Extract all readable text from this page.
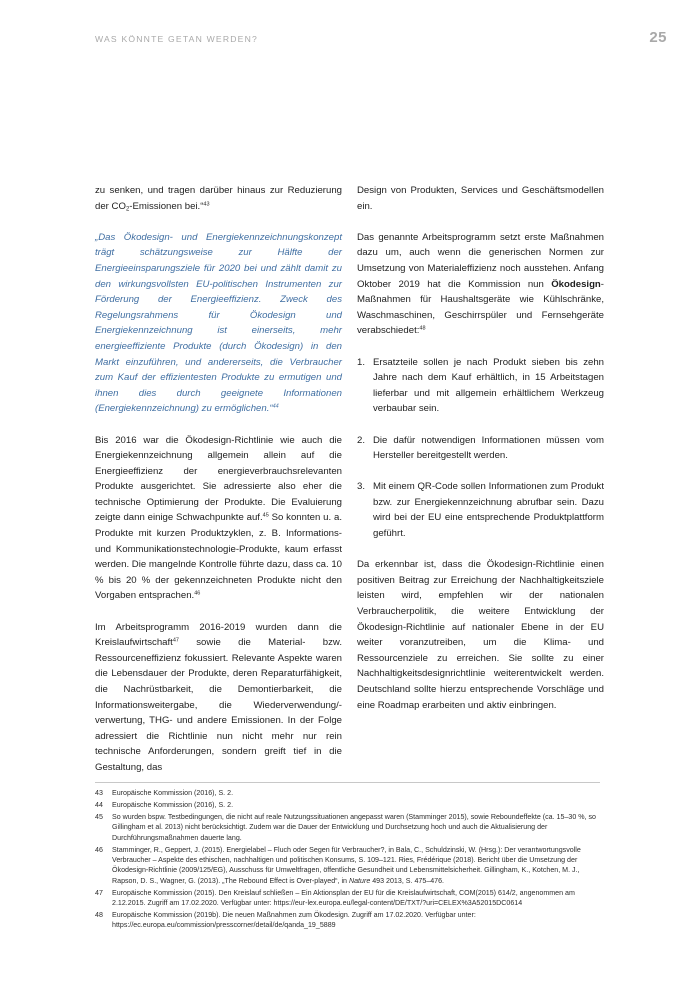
WAS KÖNNTE GETAN WERDEN?	25

zu senken, und tragen darüber hinaus zur Reduzierung der $CO_2$-Emissionen bei.“$^{43}$

„Das Ökodesign- und Energiekennzeichnungskonzept trägt schätzungsweise zur Hälfte der Energieeinsparungsziele für 2020 bei und zählt damit zu den wirkungsvollsten EU-politischen Instrumenten zur Förderung der Energieeffizienz. Zweck des Regelungsrahmens für Ökodesign und Energiekennzeichnung ist einerseits, mehr energieeffiziente Produkte (durch Ökodesign) in den Markt einzuführen, und andererseits, die Verbraucher zum Kauf der effizientesten Produkte zu ermutigen und ihnen dies durch geeignete Informationen (Energiekennzeichnung) zu ermöglichen.“$^{44}$

Bis 2016 war die Ökodesign-Richtlinie wie auch die Energiekennzeichnung allgemein allein auf die Energieeffizienz der energieverbrauchsrelevanten Produkte ausgerichtet. Sie adressierte also eher die technische Optimierung der Produkte. Die Evaluierung zeigte dann einige Schwachpunkte auf.$^{45}$ So konnten u. a. Produkte mit kurzen Produktzyklen, z. B. Informations- und Kommunikationstechnologie-Produkte, kaum erfasst werden. Die mangelnde Kontrolle führte dazu, dass ca. 10 % bis 20 % der gekennzeichneten Produkte nicht den Vorgaben entsprachen.$^{46}$

Im Arbeitsprogramm 2016-2019 wurden dann die Kreislaufwirtschaft$^{47}$ sowie die Material- bzw. Ressourceneffizienz fokussiert. Relevante Aspekte waren die Lebensdauer der Produkte, deren Reparaturfähigkeit, die Nachrüstbarkeit, die Demontierbarkeit, die Informationsweitergabe, die Wiederverwendung/-verwertung, THG- und andere Emissionen. In der Folge adressiert die Richtlinie nun nicht mehr nur rein technische Anforderungen, sondern greift tief in die Gestaltung, das

Design von Produkten, Services und Geschäftsmodellen ein.

Das genannte Arbeitsprogramm setzt erste Maßnahmen dazu um, auch wenn die generischen Normen zur Umsetzung von Materialeffizienz noch ausstehen. Anfang Oktober 2019 hat die Kommission nun Ökodesign-Maßnahmen für Haushaltsgeräte wie Kühlschränke, Waschmaschinen, Geschirrspüler und Fernsehgeräte verabschiedet:$^{48}$

1. Ersatzteile sollen je nach Produkt sieben bis zehn Jahre nach dem Kauf erhältlich, in 15 Arbeitstagen lieferbar und mit allgemein erhältlichem Werkzeug verbaubar sein.
2. Die dafür notwendigen Informationen müssen vom Hersteller bereitgestellt werden.
3. Mit einem QR-Code sollen Informationen zum Produkt bzw. zur Energiekennzeichnung abrufbar sein. Dazu wird bei der EU eine entsprechende Produktplattform geführt.

Da erkennbar ist, dass die Ökodesign-Richtlinie einen positiven Beitrag zur Erreichung der Nachhaltigkeitsziele leisten wird, empfehlen wir der nationalen Verbraucherpolitik, die weitere Entwicklung der Ökodesign-Richtlinie auf nationaler Ebene in der EU weiter voranzutreiben, um die Klima- und Ressourcenziele zu erreichen. Sie sollte zu einer Nachhaltigkeitsdesignrichtlinie weiterentwickelt werden. Deutschland sollte hierzu entsprechende Vorschläge und eine Roadmap erarbeiten und aktiv einbringen.

43	Europäische Kommission (2016), S. 2.
44	Europäische Kommission (2016), S. 2.
45	So wurden bspw. Testbedingungen, die nicht auf reale Nutzungssituationen angepasst waren (Stamminger 2015), sowie Reboundeffekte (ca. 15–30 %, so Gillingham et al. 2013) nicht berücksichtigt. Zudem war die Dauer der Entwicklung und Durchsetzung hoch und auch die Aktualisierung der Durchführungsmaßnahmen dauerte lang.
46	Stamminger, R., Geppert, J. (2015). Energielabel – Fluch oder Segen für Verbraucher?, in Bala, C., Schuldzinski, W. (Hrsg.): Der verantwortungsvolle Verbraucher – Aspekte des ethischen, nachhaltigen und politischen Konsums, S. 109–121. Ries, Frédérique (2018). Bericht über die Umsetzung der Ökodesign-Richtlinie (2009/125/EG), Ausschuss für Umweltfragen, öffentliche Gesundheit und Lebensmittelsicherheit. Gillingham, K., Kotchen, M. J., Rapson, D. S., Wagner, G. (2013). „The Rebound Effect is Over-played“, in Nature 493 2013, S. 475–476.
47	Europäische Kommission (2015). Den Kreislauf schließen – Ein Aktionsplan der EU für die Kreislaufwirtschaft, COM(2015) 614/2, angenommen am 2.12.2015. Zugriff am 17.02.2020. Verfügbar unter: https://eur-lex.europa.eu/legal-content/DE/TXT/?uri=CELEX%3A52015DC0614
48	Europäische Kommission (2019b). Die neuen Maßnahmen zum Ökodesign. Zugriff am 17.02.2020. Verfügbar unter: https://ec.europa.eu/commission/presscorner/detail/de/qanda_19_5889
